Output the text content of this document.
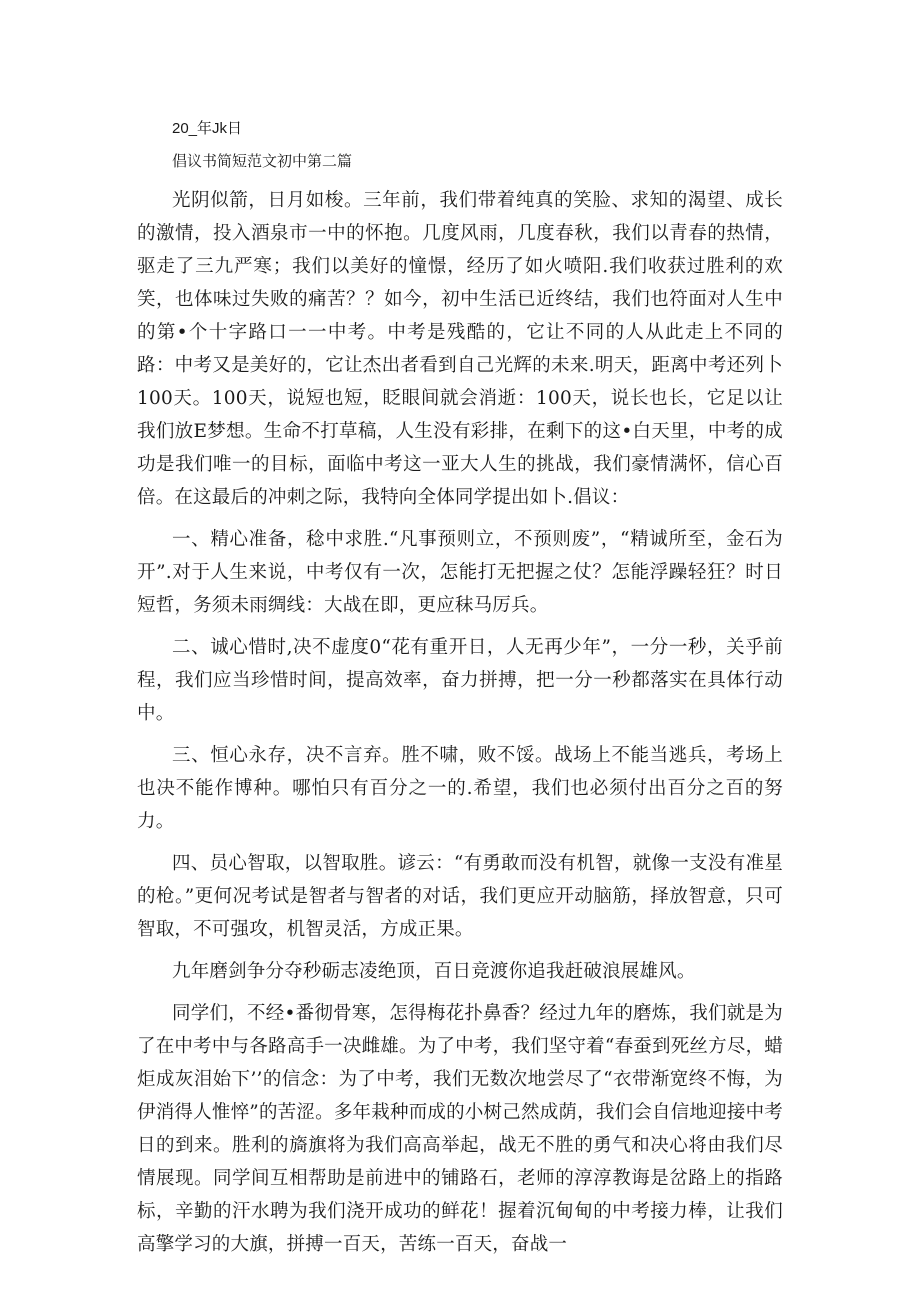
20_年Jk日
倡议书简短范文初中第二篇

光阴似箭，日月如梭。三年前，我们带着纯真的笑脸、求知的渴望、成长的激情，投入酒泉市一中的怀抱。几度风雨，几度春秋，我们以青春的热情，驱走了三九严寒；我们以美好的憧憬，经历了如火喷阳.我们收获过胜利的欢笑，也体味过失败的痛苦？？如今，初中生活已近终结，我们也符面对人生中的第•个十字路口一一中考。中考是残酷的，它让不同的人从此走上不同的路：中考又是美好的，它让杰出者看到自己光辉的未来.明天，距离中考还列卜100天。100天，说短也短，眨眼间就会消逝：100天，说长也长，它足以让我们放E梦想。生命不打草稿，人生没有彩排，在剩下的这•白天里，中考的成功是我们唯一的目标，面临中考这一亚大人生的挑战，我们豪情满怀，信心百倍。在这最后的冲刺之际，我特向全体同学提出如卜.倡议：

一、精心准备，稔中求胜.“凡事预则立，不预则废”，“精诚所至，金石为开”.对于人生来说，中考仅有一次，怎能打无把握之仗？怎能浮躁轻狂？时日短哲，务须未雨绸线：大战在即，更应秣马厉兵。

二、诚心惜时,决不虚度0“花有重开日，人无再少年”，一分一秒，关乎前程，我们应当珍惜时间，提高效率，奋力拼搏，把一分一秒都落实在具体行动中。

三、恒心永存，决不言弃。胜不啸，败不馁。战场上不能当逃兵，考场上也决不能作博种。哪怕只有百分之一的.希望，我们也必须付出百分之百的努力。

四、员心智取，以智取胜。谚云：“有勇敢而没有机智，就像一支没有准星的枪。”更何况考试是智者与智者的对话，我们更应开动脑筋，择放智意，只可智取，不可强攻，机智灵活，方成正果。

九年磨剑争分夺秒砺志凌绝顶，百日竞渡你追我赶破浪展雄风。

同学们，不经•番彻骨寒，怎得梅花扑鼻香？经过九年的磨炼，我们就是为了在中考中与各路高手一决雌雄。为了中考，我们坚守着“春蚕到死丝方尽，蜡炬成灰泪始下’’的信念：为了中考，我们无数次地尝尽了“衣带渐宽终不悔，为伊消得人惟悴”的苦涩。多年栽种而成的小树己然成荫，我们会自信地迎接中考日的到来。胜利的旖旗将为我们高高举起，战无不胜的勇气和决心将由我们尽情展现。同学间互相帮助是前进中的铺路石，老师的淳淳教诲是岔路上的指路标，辛勤的汗水聘为我们浇开成功的鲜花！握着沉甸甸的中考接力棒，让我们高擎学习的大旗，拼搏一百天，苦练一百天，奋战一
